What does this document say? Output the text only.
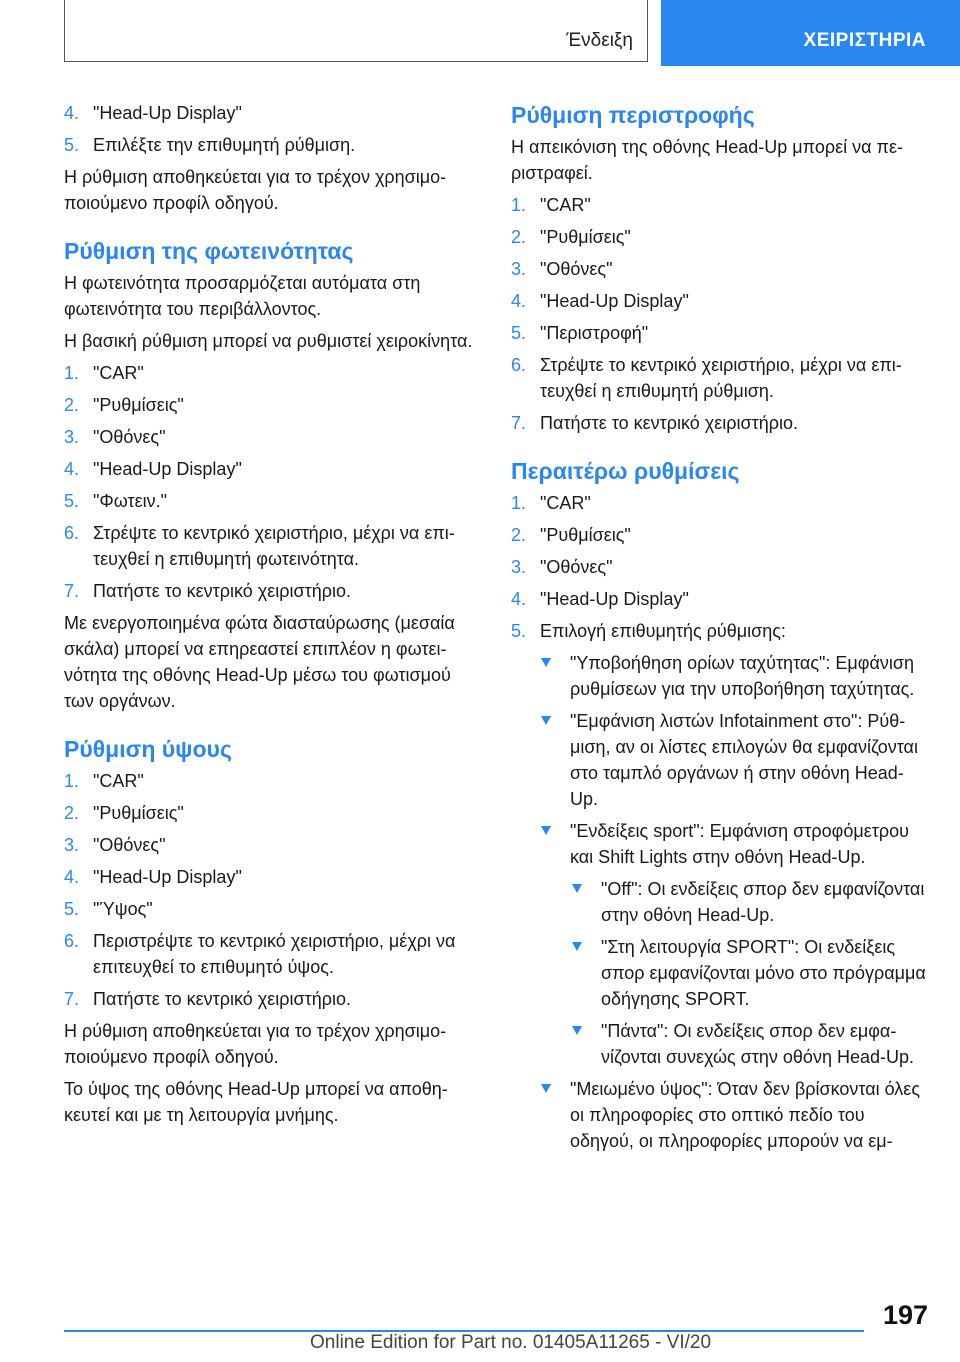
Ένδειξη	ΧΕΙΡΙΣΤΗΡΙΑ
4. "Head-Up Display"
5. Επιλέξτε την επιθυμητή ρύθμιση.

Η ρύθμιση αποθηκεύεται για το τρέχον χρησιμοποιούμενο προφίλ οδηγού.

Ρύθμιση της φωτεινότητας

Η φωτεινότητα προσαρμόζεται αυτόματα στη φωτεινότητα του περιβάλλοντος.

Η βασική ρύθμιση μπορεί να ρυθμιστεί χειροκίνητα.

1. "CAR"
2. "Ρυθμίσεις"
3. "Οθόνες"
4. "Head-Up Display"
5. "Φωτειν."
6. Στρέψτε το κεντρικό χειριστήριο, μέχρι να επιτευχθεί η επιθυμητή φωτεινότητα.
7. Πατήστε το κεντρικό χειριστήριο.

Με ενεργοποιημένα φώτα διασταύρωσης (μεσαία σκάλα) μπορεί να επηρεαστεί επιπλέον η φωτεινότητα της οθόνης Head-Up μέσω του φωτισμού των οργάνων.

Ρύθμιση ύψους
1. "CAR"
2. "Ρυθμίσεις"
3. "Οθόνες"
4. "Head-Up Display"
5. "Ύψος"
6. Περιστρέψτε το κεντρικό χειριστήριο, μέχρι να επιτευχθεί το επιθυμητό ύψος.
7. Πατήστε το κεντρικό χειριστήριο.

Η ρύθμιση αποθηκεύεται για το τρέχον χρησιμοποιούμενο προφίλ οδηγού.

Το ύψος της οθόνης Head-Up μπορεί να αποθηκευτεί και με τη λειτουργία μνήμης.

Ρύθμιση περιστροφής

Η απεικόνιση της οθόνης Head-Up μπορεί να περιστραφεί.

1. "CAR"
2. "Ρυθμίσεις"
3. "Οθόνες"
4. "Head-Up Display"
5. "Περιστροφή"
6. Στρέψτε το κεντρικό χειριστήριο, μέχρι να επιτευχθεί η επιθυμητή ρύθμιση.
7. Πατήστε το κεντρικό χειριστήριο.
Περαιτέρω ρυθμίσεις
1. "CAR"
2. "Ρυθμίσεις"
3. "Οθόνες"
4. "Head-Up Display"
5. Επιλογή επιθυμητής ρύθμισης:
"Υποβοήθηση ορίων ταχύτητας": Εμφάνιση ρυθμίσεων για την υποβοήθηση ταχύτητας.
"Εμφάνιση λιστών Infotainment στο": Ρύθμιση, αν οι λίστες επιλογών θα εμφανίζονται στο ταμπλό οργάνων ή στην οθόνη Head-Up.
"Ενδείξεις sport": Εμφάνιση στροφόμετρου και Shift Lights στην οθόνη Head-Up.
"Off": Οι ενδείξεις σπορ δεν εμφανίζονται στην οθόνη Head-Up.
"Στη λειτουργία SPORT": Οι ενδείξεις σπορ εμφανίζονται μόνο στο πρόγραμμα οδήγησης SPORT.
"Πάντα": Οι ενδείξεις σπορ δεν εμφανίζονται συνεχώς στην οθόνη Head-Up.
"Μειωμένο ύψος": Όταν δεν βρίσκονται όλες οι πληροφορίες στο οπτικό πεδίο του οδηγού, οι πληροφορίες μπορούν να εμ-
197
Online Edition for Part no. 01405A11265 - VI/20
